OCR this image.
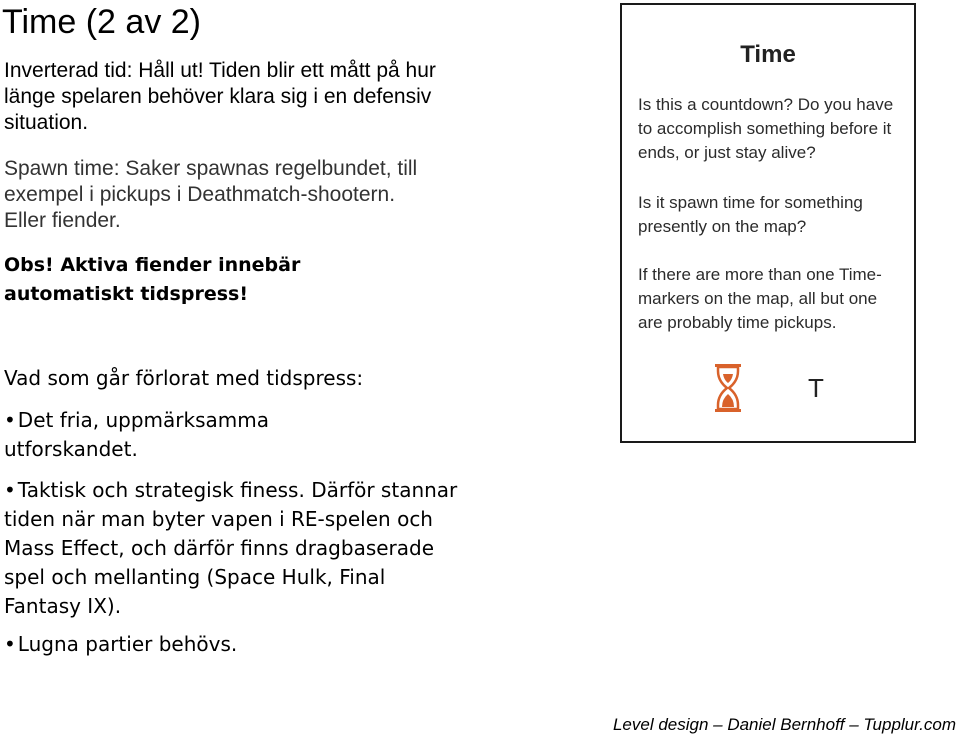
Time (2 av 2)

Inverterad tid: Håll ut! Tiden blir ett mått på hur länge spelaren behöver klara sig i en defensiv situation.

Spawn time: Saker spawnas regelbundet, till exempel i pickups i Deathmatch-shootern. Eller fiender.

Obs! Aktiva fiender innebär automatiskt tidspress!

Vad som går förlorat med tidspress:

• Det fria, uppmärksamma utforskandet.

• Taktisk och strategisk finess. Därför stannar tiden när man byter vapen i RE-spelen och Mass Effect, och därför finns dragbaserade spel och mellanting (Space Hulk, Final Fantasy IX).

• Lugna partier behövs.

Time

Is this a countdown? Do you have to accomplish something before it ends, or just stay alive?

Is it spawn time for something presently on the map?

If there are more than one Time-markers on the map, all but one are probably time pickups.

T

Level design – Daniel Bernhoff – Tupplur.com
